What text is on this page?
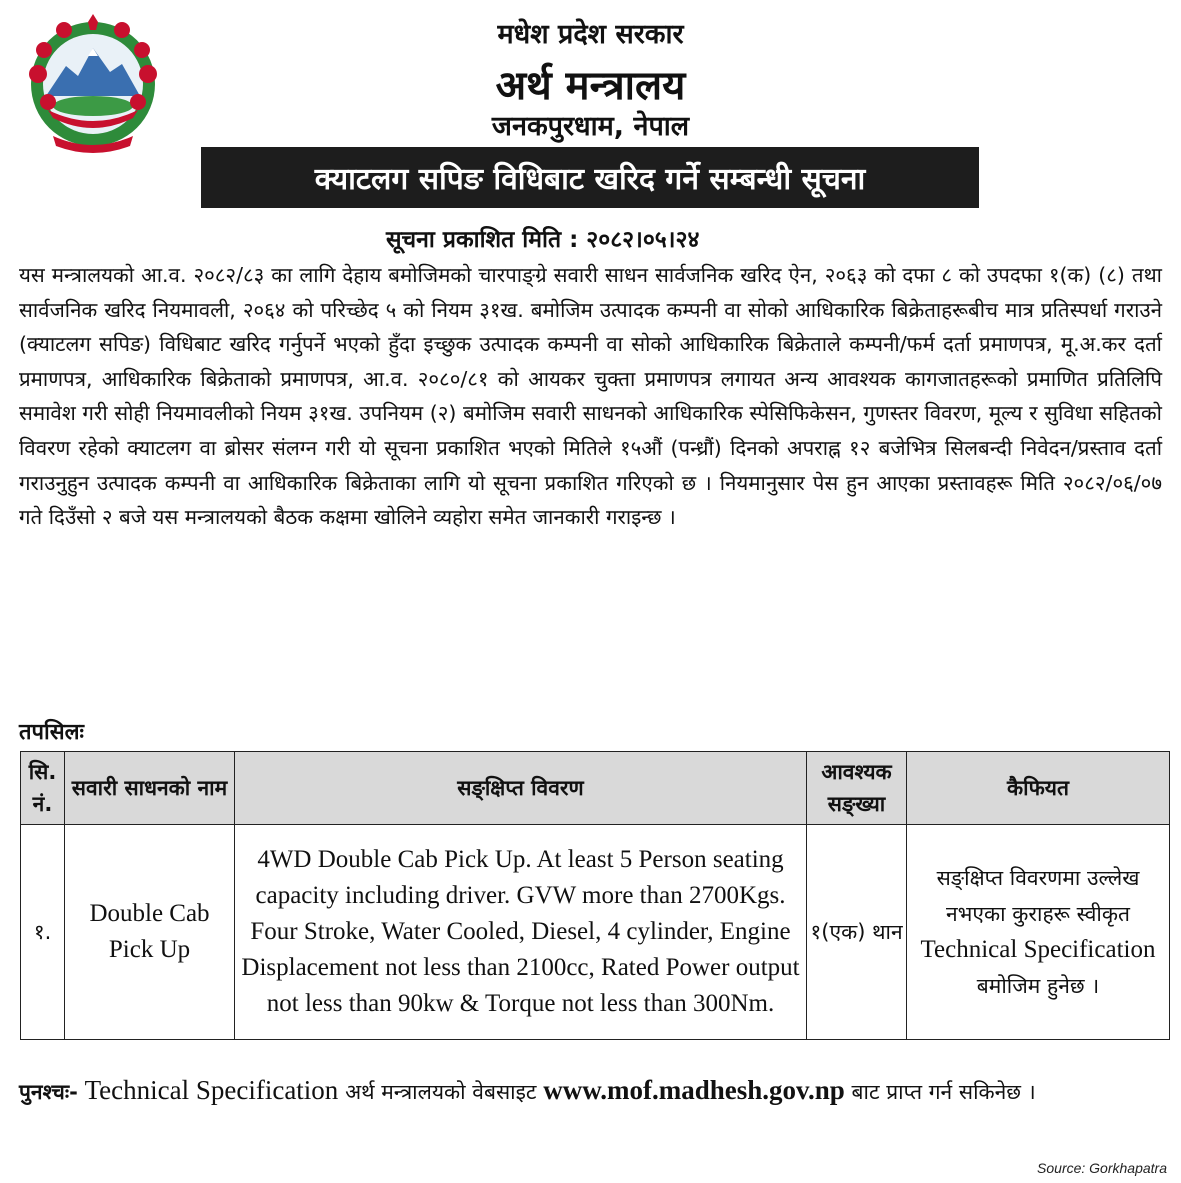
मधेश प्रदेश सरकार
अर्थ मन्त्रालय
जनकपुरधाम, नेपाल
क्याटलग सपिङ विधिबाट खरिद गर्ने सम्बन्धी सूचना
सूचना प्रकाशित मिति : २०८२।०५।२४
यस मन्त्रालयको आ.व. २०८२/८३ का लागि देहाय बमोजिमको चारपाङ्ग्रे सवारी साधन सार्वजनिक खरिद ऐन, २०६३ को दफा ८ को उपदफा १(क) (८) तथा सार्वजनिक खरिद नियमावली, २०६४ को परिच्छेद ५ को नियम ३१ख. बमोजिम उत्पादक कम्पनी वा सोको आधिकारिक बिक्रेताहरूबीच मात्र प्रतिस्पर्धा गराउने (क्याटलग सपिङ) विधिबाट खरिद गर्नुपर्ने भएको हुँदा इच्छुक उत्पादक कम्पनी वा सोको आधिकारिक बिक्रेताले कम्पनी/फर्म दर्ता प्रमाणपत्र, मू.अ.कर दर्ता प्रमाणपत्र, आधिकारिक बिक्रेताको प्रमाणपत्र, आ.व. २०८०/८१ को आयकर चुक्ता प्रमाणपत्र लगायत अन्य आवश्यक कागजातहरूको प्रमाणित प्रतिलिपि समावेश गरी सोही नियमावलीको नियम ३१ख. उपनियम (२) बमोजिम सवारी साधनको आधिकारिक स्पेसिफिकेसन, गुणस्तर विवरण, मूल्य र सुविधा सहितको विवरण रहेको क्याटलग वा ब्रोसर संलग्न गरी यो सूचना प्रकाशित भएको मितिले १५औं (पन्ध्रौं) दिनको अपराह्न १२ बजेभित्र सिलबन्दी निवेदन/प्रस्ताव दर्ता गराउनुहुन उत्पादक कम्पनी वा आधिकारिक बिक्रेताका लागि यो सूचना प्रकाशित गरिएको छ । नियमानुसार पेस हुन आएका प्रस्तावहरू मिति २०८२/०६/०७ गते दिउँसो २ बजे यस मन्त्रालयको बैठक कक्षमा खोलिने व्यहोरा समेत जानकारी गराइन्छ ।
तपसिलः
सि. नं.	सवारी साधनको नाम	सङ्क्षिप्त विवरण	आवश्यक सङ्ख्या	कैफियत
१.	Double Cab Pick Up	4WD Double Cab Pick Up. At least 5 Person seating capacity including driver. GVW more than 2700Kgs. Four Stroke, Water Cooled, Diesel, 4 cylinder, Engine Displacement not less than 2100cc, Rated Power output not less than 90kw & Torque not less than 300Nm.	१(एक) थान	सङ्क्षिप्त विवरणमा उल्लेख नभएका कुराहरू स्वीकृत Technical Specification बमोजिम हुनेछ ।
पुनश्चः- Technical Specification अर्थ मन्त्रालयको वेबसाइट www.mof.madhesh.gov.np बाट प्राप्त गर्न सकिनेछ ।
Source: Gorkhapatra
